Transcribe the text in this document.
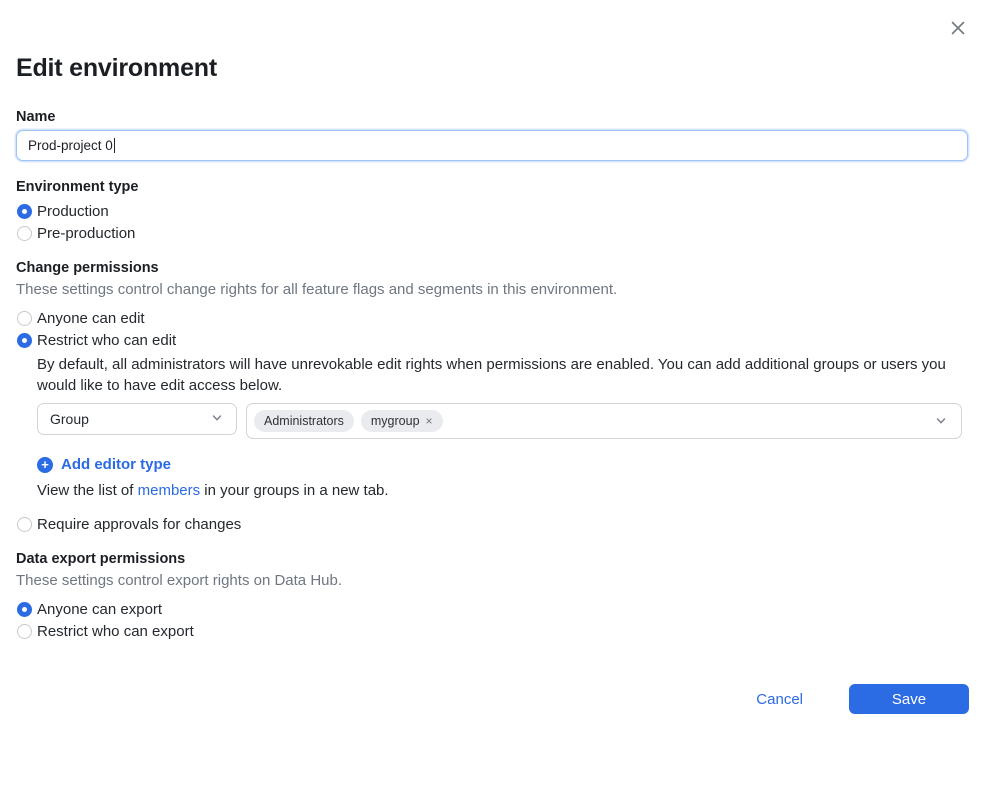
Edit environment
Name
Prod-project 0
Environment type
Production
Pre-production
Change permissions
These settings control change rights for all feature flags and segments in this environment.
Anyone can edit
Restrict who can edit
By default, all administrators will have unrevokable edit rights when permissions are enabled. You can add additional groups or users you would like to have edit access below.
Group	Administrators mygroup ×
+ Add editor type
View the list of members in your groups in a new tab.
Require approvals for changes
Data export permissions
These settings control export rights on Data Hub.
Anyone can export
Restrict who can export
Cancel	Save
